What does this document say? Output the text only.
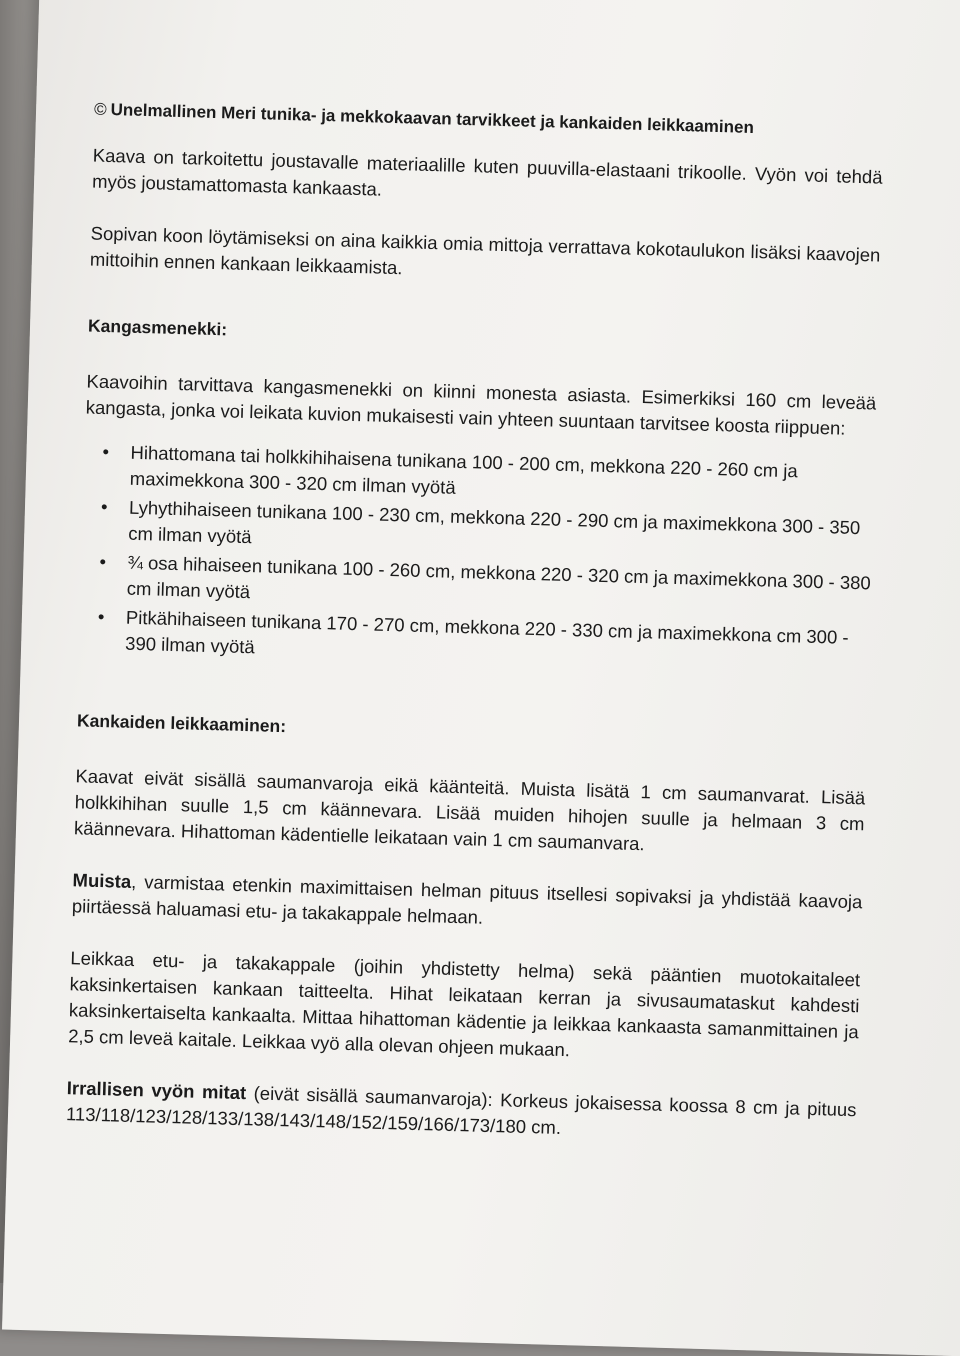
© Unelmallinen Meri tunika- ja mekkokaavan tarvikkeet ja kankaiden leikkaaminen

Kaava on tarkoitettu joustavalle materiaalille kuten puuvilla-elastaani trikoolle. Vyön voi tehdä myös joustamattomasta kankaasta.

Sopivan koon löytämiseksi on aina kaikkia omia mittoja verrattava kokotaulukon lisäksi kaavojen mittoihin ennen kankaan leikkaamista.

Kangasmenekki:

Kaavoihin tarvittava kangasmenekki on kiinni monesta asiasta. Esimerkiksi 160 cm leveää kangasta, jonka voi leikata kuvion mukaisesti vain yhteen suuntaan tarvitsee koosta riippuen:

• Hihattomana tai holkkihihaisena tunikana 100 - 200 cm, mekkona 220 - 260 cm ja maximekkona 300 - 320 cm ilman vyötä
• Lyhythihaiseen tunikana 100 - 230 cm, mekkona 220 - 290 cm ja maximekkona 300 - 350 cm ilman vyötä
• ¾ osa hihaiseen tunikana 100 - 260 cm, mekkona 220 - 320 cm ja maximekkona 300 - 380 cm ilman vyötä
• Pitkähihaiseen tunikana 170 - 270 cm, mekkona 220 - 330 cm ja maximekkona cm 300 - 390 ilman vyötä
Kankaiden leikkaaminen:

Kaavat eivät sisällä saumanvaroja eikä käänteitä. Muista lisätä 1 cm saumanvarat. Lisää holkkihihan suulle 1,5 cm käännevara. Lisää muiden hihojen suulle ja helmaan 3 cm käännevara. Hihattoman kädentielle leikataan vain 1 cm saumanvara.

Muista, varmistaa etenkin maximittaisen helman pituus itsellesi sopivaksi ja yhdistää kaavoja piirtäessä haluamasi etu- ja takakappale helmaan.

Leikkaa etu- ja takakappale (joihin yhdistetty helma) sekä pääntien muotokaitaleet kaksinkertaisen kankaan taitteelta. Hihat leikataan kerran ja sivusaumataskut kahdesti kaksinkertaiselta kankaalta. Mittaa hihattoman kädentie ja leikkaa kankaasta samanmittainen ja 2,5 cm leveä kaitale. Leikkaa vyö alla olevan ohjeen mukaan.

Irrallisen vyön mitat (eivät sisällä saumanvaroja): Korkeus jokaisessa koossa 8 cm ja pituus 113/118/123/128/133/138/143/148/152/159/166/173/180 cm.
